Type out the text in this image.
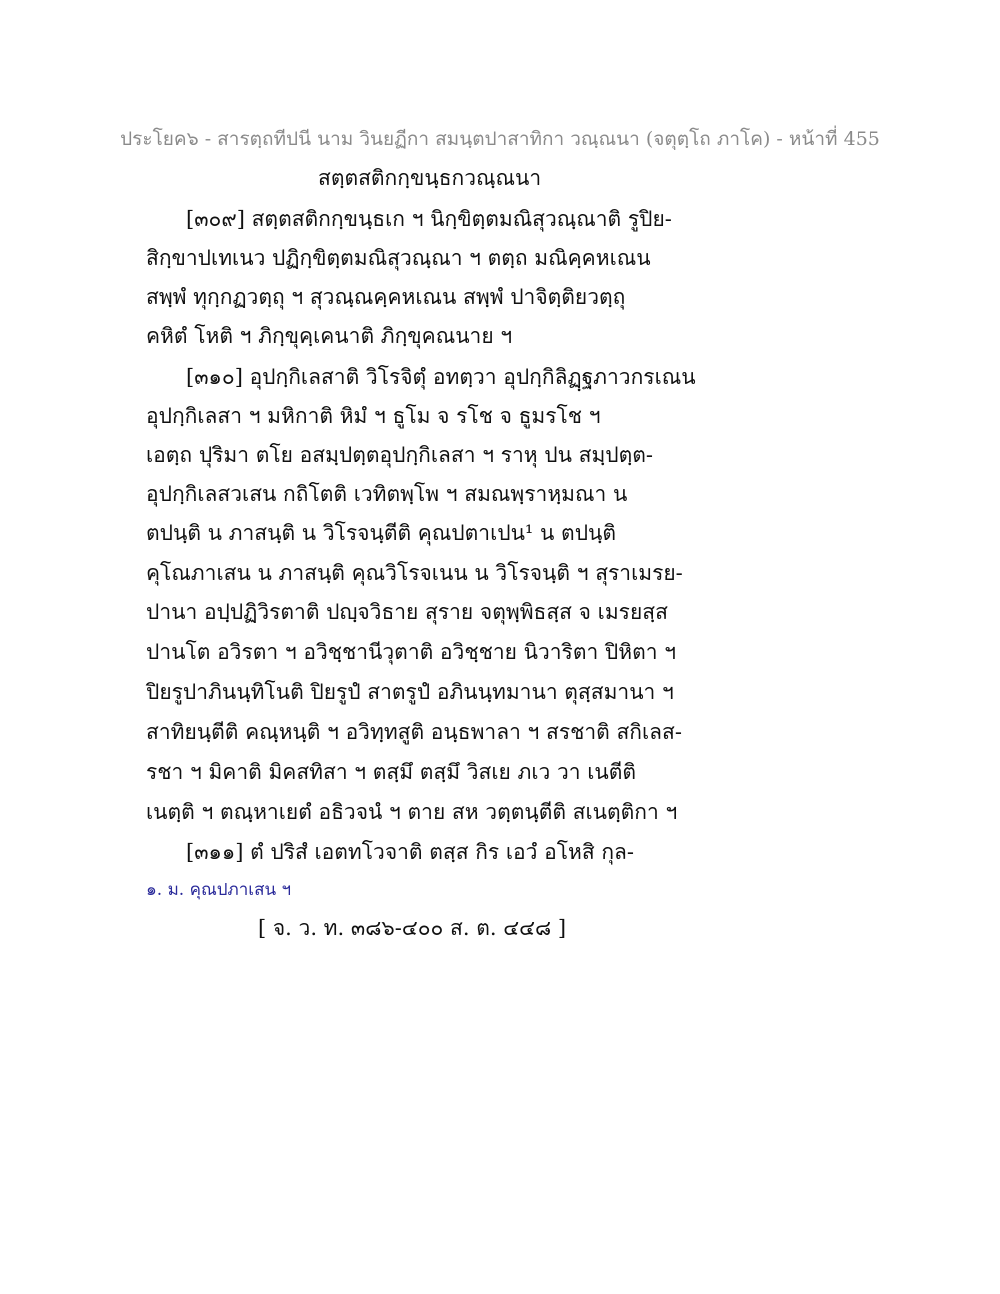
ประโยค๖ - สารตฺถทีปนี นาม วินยฏีกา สมนฺตปาสาทิกา วณฺณนา (จตุตฺโถ ภาโค) - หน้าที่ 455
สตฺตสติกกฺขนฺธกวณฺณนา
[๓๐๙] สตฺตสติกกฺขนฺธเก ฯ นิกฺขิตฺตมณิสุวณฺณาติ รูปิย-
สิกฺขาปเทเนว ปฏิกฺขิตฺตมณิสุวณฺณา ฯ ตตฺถ มณิคฺคหเณน
สพฺพํ ทุกฺกฏวตฺถุ ฯ สุวณฺณคฺคหเณน สพฺพํ ปาจิตฺติยวตฺถุ
คหิตํ โหติ ฯ ภิกฺขุคฺเคนาติ ภิกฺขุคณนาย ฯ
[๓๑๐] อุปกฺกิเลสาติ วิโรจิตุํ อทตฺวา อุปกฺกิลิฏฺฐภาวกรเณน
อุปกฺกิเลสา ฯ มหิกาติ หิมํ ฯ ธูโม จ รโช จ ธูมรโช ฯ
เอตฺถ ปุริมา ตโย อสมฺปตฺตอุปกฺกิเลสา ฯ ราหุ ปน สมฺปตฺต-
อุปกฺกิเลสวเสน กถิโตติ เวทิตพฺโพ ฯ สมณพฺราหฺมณา น
ตปนฺติ น ภาสนฺติ น วิโรจนฺตีติ คุณปตาเปน¹ น ตปนฺติ
คุโณภาเสน น ภาสนฺติ คุณวิโรจเนน น วิโรจนฺติ ฯ สุราเมรย-
ปานา อปฺปฏิวิรตาติ ปญฺจวิธาย สุราย จตุพฺพิธสฺส จ เมรยสฺส
ปานโต อวิรตา ฯ อวิชฺชานีวุตาติ อวิชฺชาย นิวาริตา ปิหิตา ฯ
ปิยรูปาภินนฺทิโนติ ปิยรูปํ สาตรูปํ อภินนฺทมานา ตุสฺสมานา ฯ
สาทิยนฺตีติ คณฺหนฺติ ฯ อวิทฺทสูติ อนฺธพาลา ฯ สรชาติ สกิเลส-
รชา ฯ มิคาติ มิคสทิสา ฯ ตสฺมึ ตสฺมึ วิสเย ภเว วา เนตีติ
เนตฺติ ฯ ตณฺหาเยตํ อธิวจนํ ฯ ตาย สห วตฺตนฺตีติ สเนตฺติกา ฯ
[๓๑๑] ตํ ปริสํ เอตทโวจาติ ตสฺส กิร เอวํ อโหสิ กุล-
๑. ม. คุณปภาเสน ฯ
[ จ. ว. ท. ๓๘๖-๔๐๐ ส. ต. ๔๔๘ ]
